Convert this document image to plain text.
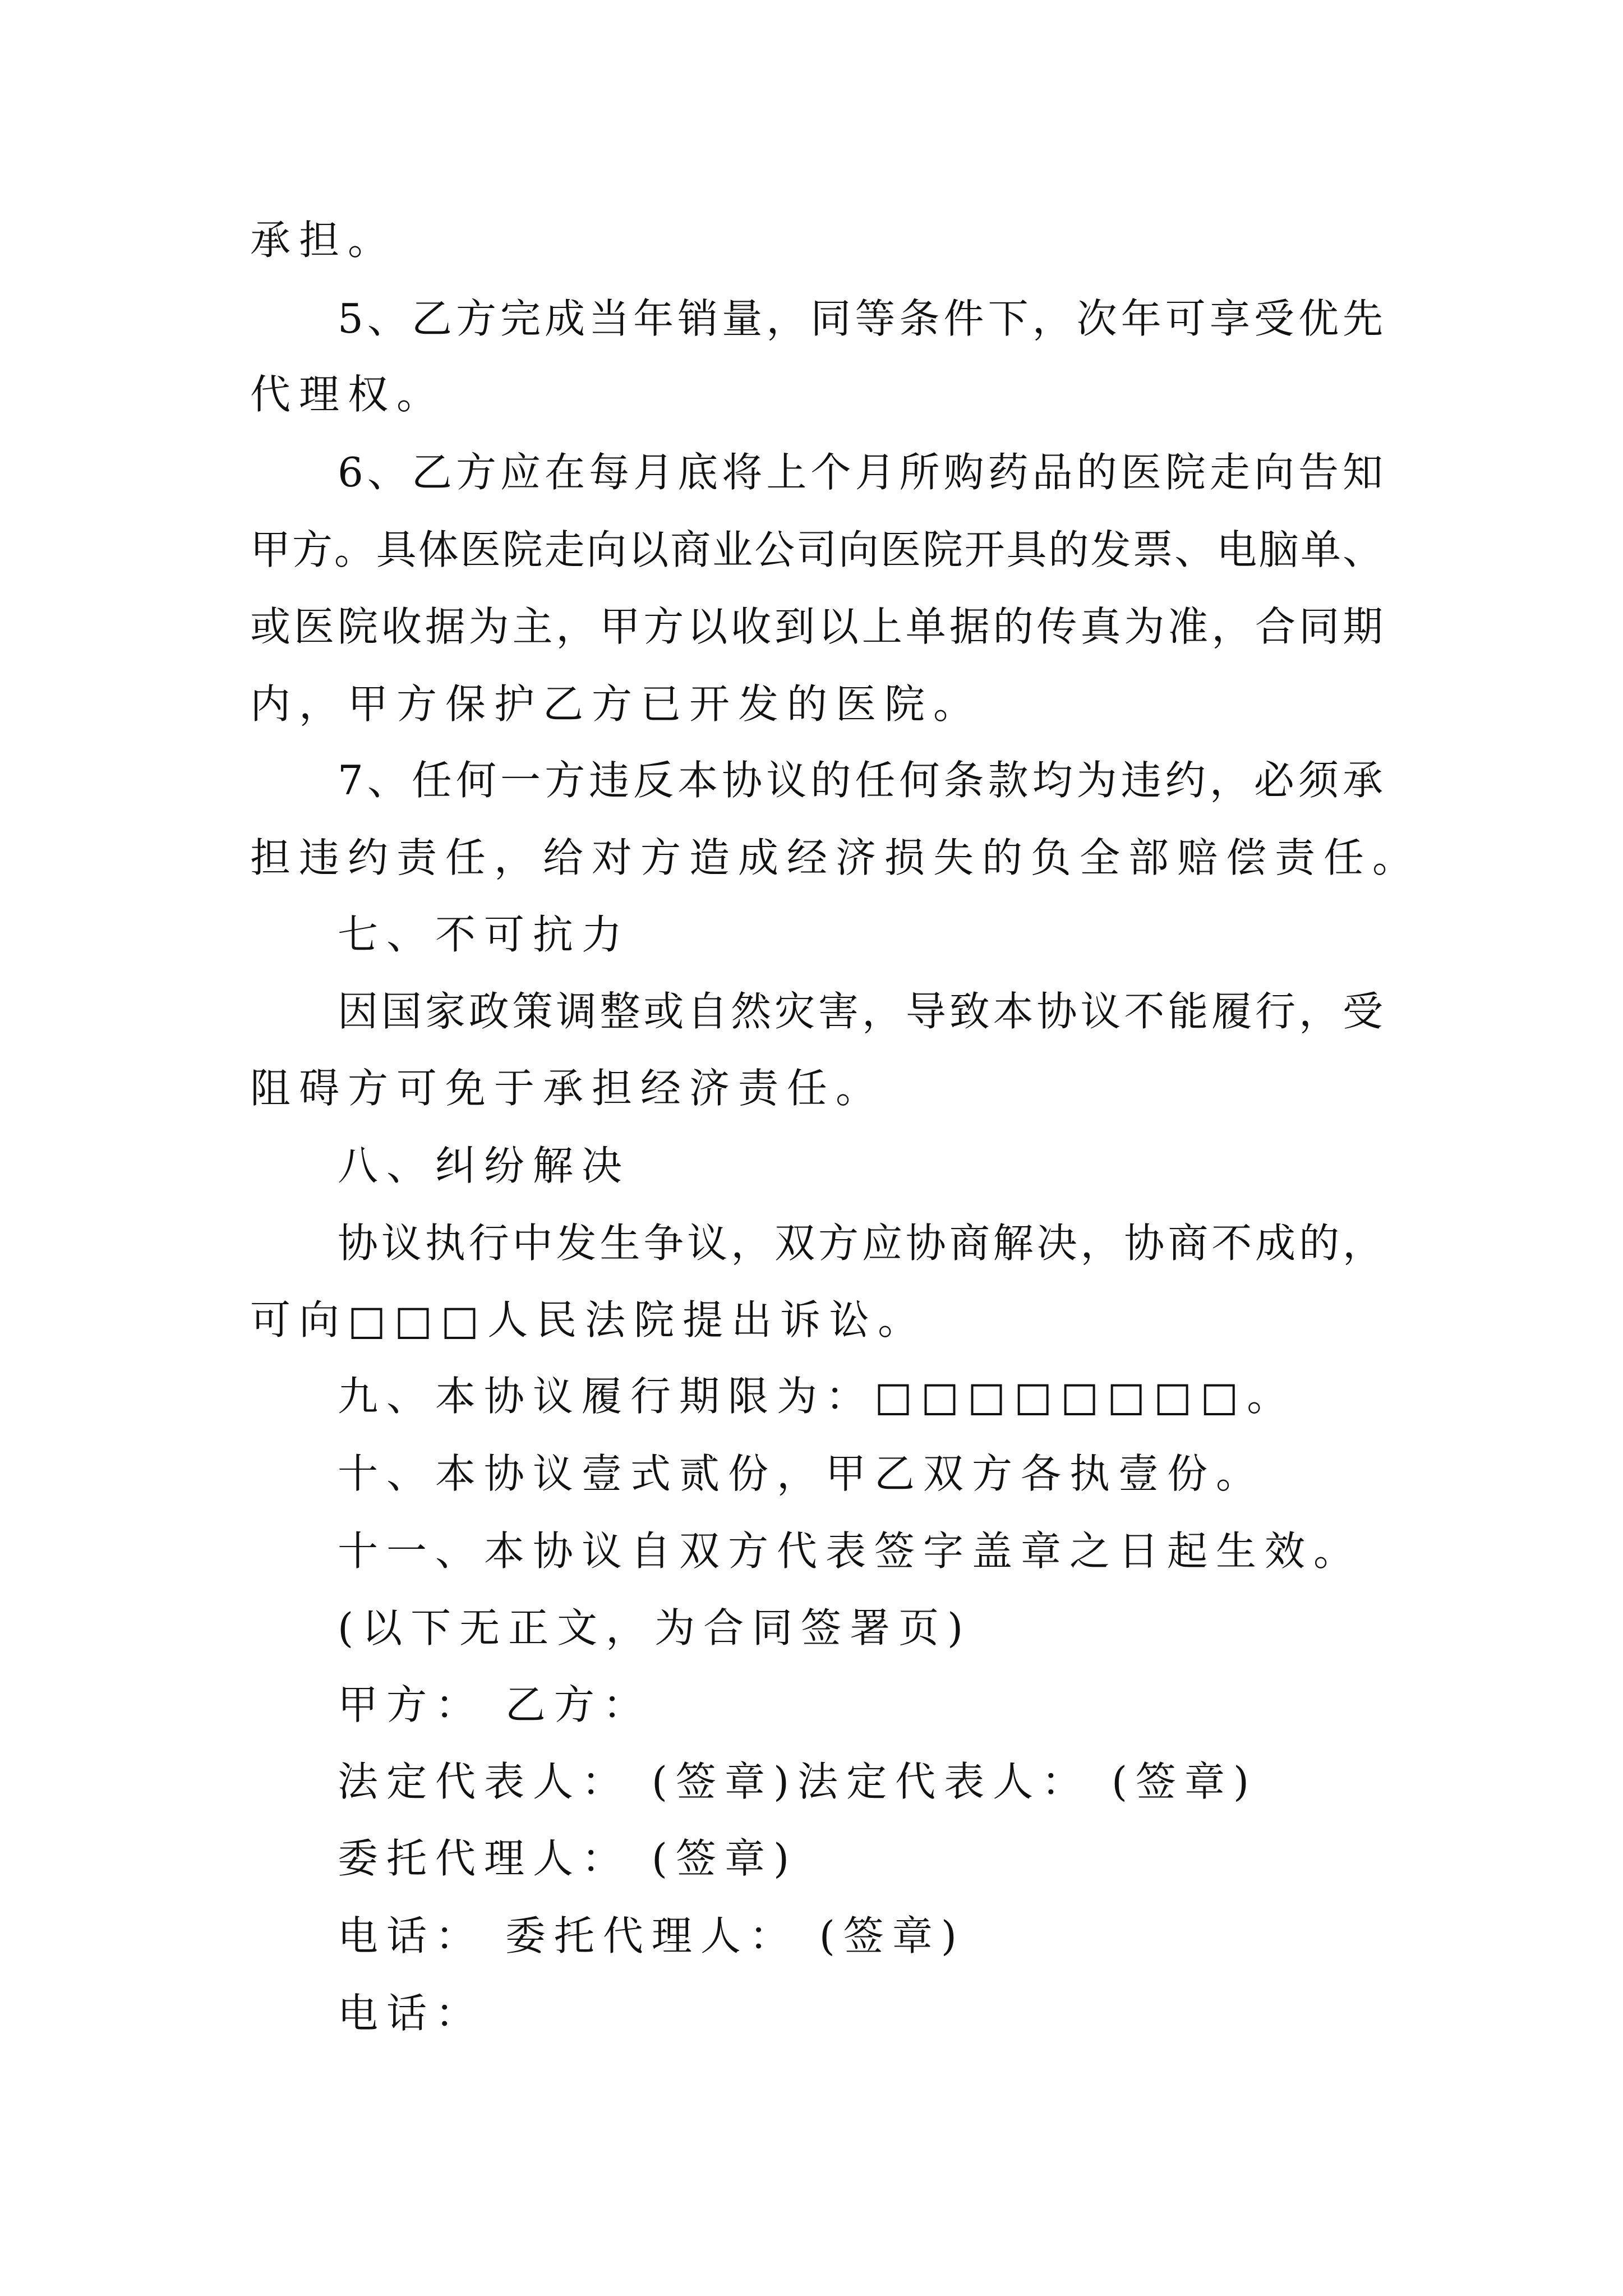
承担。
5、乙方完成当年销量，同等条件下，次年可享受优先
代理权。
6、乙方应在每月底将上个月所购药品的医院走向告知
甲方。具体医院走向以商业公司向医院开具的发票、电脑单、
或医院收据为主，甲方以收到以上单据的传真为准，合同期
内，甲方保护乙方已开发的医院。
7、任何一方违反本协议的任何条款均为违约，必须承
担违约责任，给对方造成经济损失的负全部赔偿责任。
七、不可抗力
因国家政策调整或自然灾害，导致本协议不能履行，受
阻碍方可免于承担经济责任。
八、纠纷解决
协议执行中发生争议，双方应协商解决，协商不成的，
可向□□□人民法院提出诉讼。
九、本协议履行期限为：□□□□□□□□。
十、本协议壹式贰份，甲乙双方各执壹份。
十一、本协议自双方代表签字盖章之日起生效。
(以下无正文，为合同签署页)
甲方： 乙方：
法定代表人： (签章)法定代表人： (签章)
委托代理人： (签章)
电话： 委托代理人： (签章)
电话：
